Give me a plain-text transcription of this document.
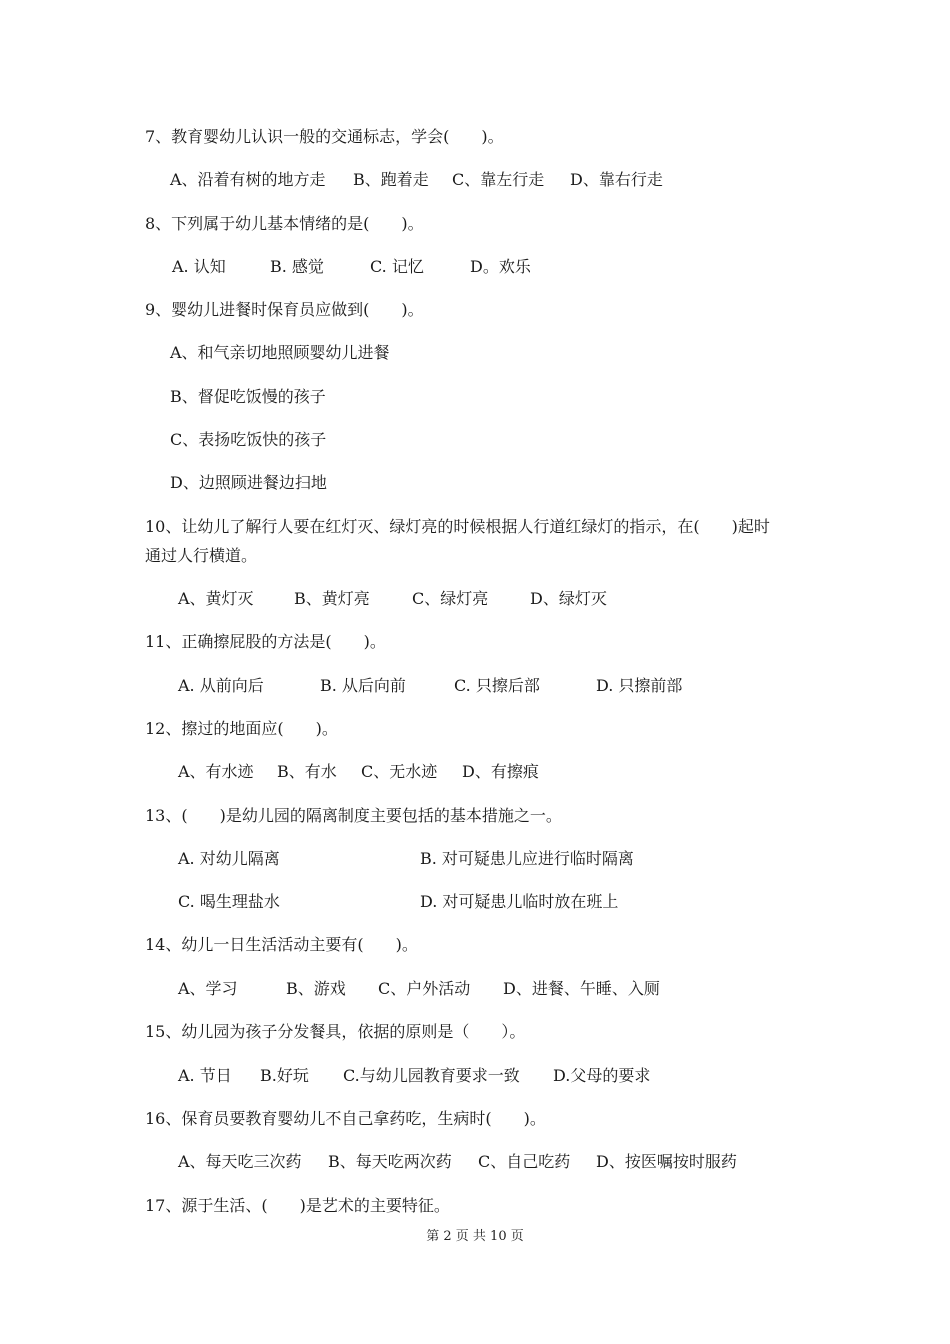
7、教育婴幼儿认识一般的交通标志，学会(　　)。
A、沿着有树的地方走 B、跑着走 C、靠左行走 D、靠右行走
8、下列属于幼儿基本情绪的是(　　)。
A. 认知	B. 感觉	C. 记忆	D。欢乐
9、婴幼儿进餐时保育员应做到(　　)。
A、和气亲切地照顾婴幼儿进餐
B、督促吃饭慢的孩子
C、表扬吃饭快的孩子
D、边照顾进餐边扫地
10、让幼儿了解行人要在红灯灭、绿灯亮的时候根据人行道红绿灯的指示，在(　　)起时
通过人行横道。
A、黄灯灭	B、黄灯亮	C、绿灯亮	D、绿灯灭
11、正确擦屁股的方法是(　　)。
A. 从前向后	B. 从后向前	C. 只擦后部	D. 只擦前部
12、擦过的地面应(　　)。
A、有水迹 B、有水 C、无水迹 D、有擦痕
13、(　　)是幼儿园的隔离制度主要包括的基本措施之一。
A. 对幼儿隔离	B. 对可疑患儿应进行临时隔离
C. 喝生理盐水	D. 对可疑患儿临时放在班上
14、幼儿一日生活活动主要有(　　)。
A、学习	B、游戏 C、户外活动 D、进餐、午睡、入厕
15、幼儿园为孩子分发餐具，依据的原则是（　　）。
A. 节日 B.好玩 C.与幼儿园教育要求一致 D.父母的要求
16、保育员要教育婴幼儿不自己拿药吃，生病时(　　)。
A、每天吃三次药 B、每天吃两次药 C、自己吃药 D、按医嘱按时服药
17、源于生活、(　　)是艺术的主要特征。
第 2 页 共 10 页
